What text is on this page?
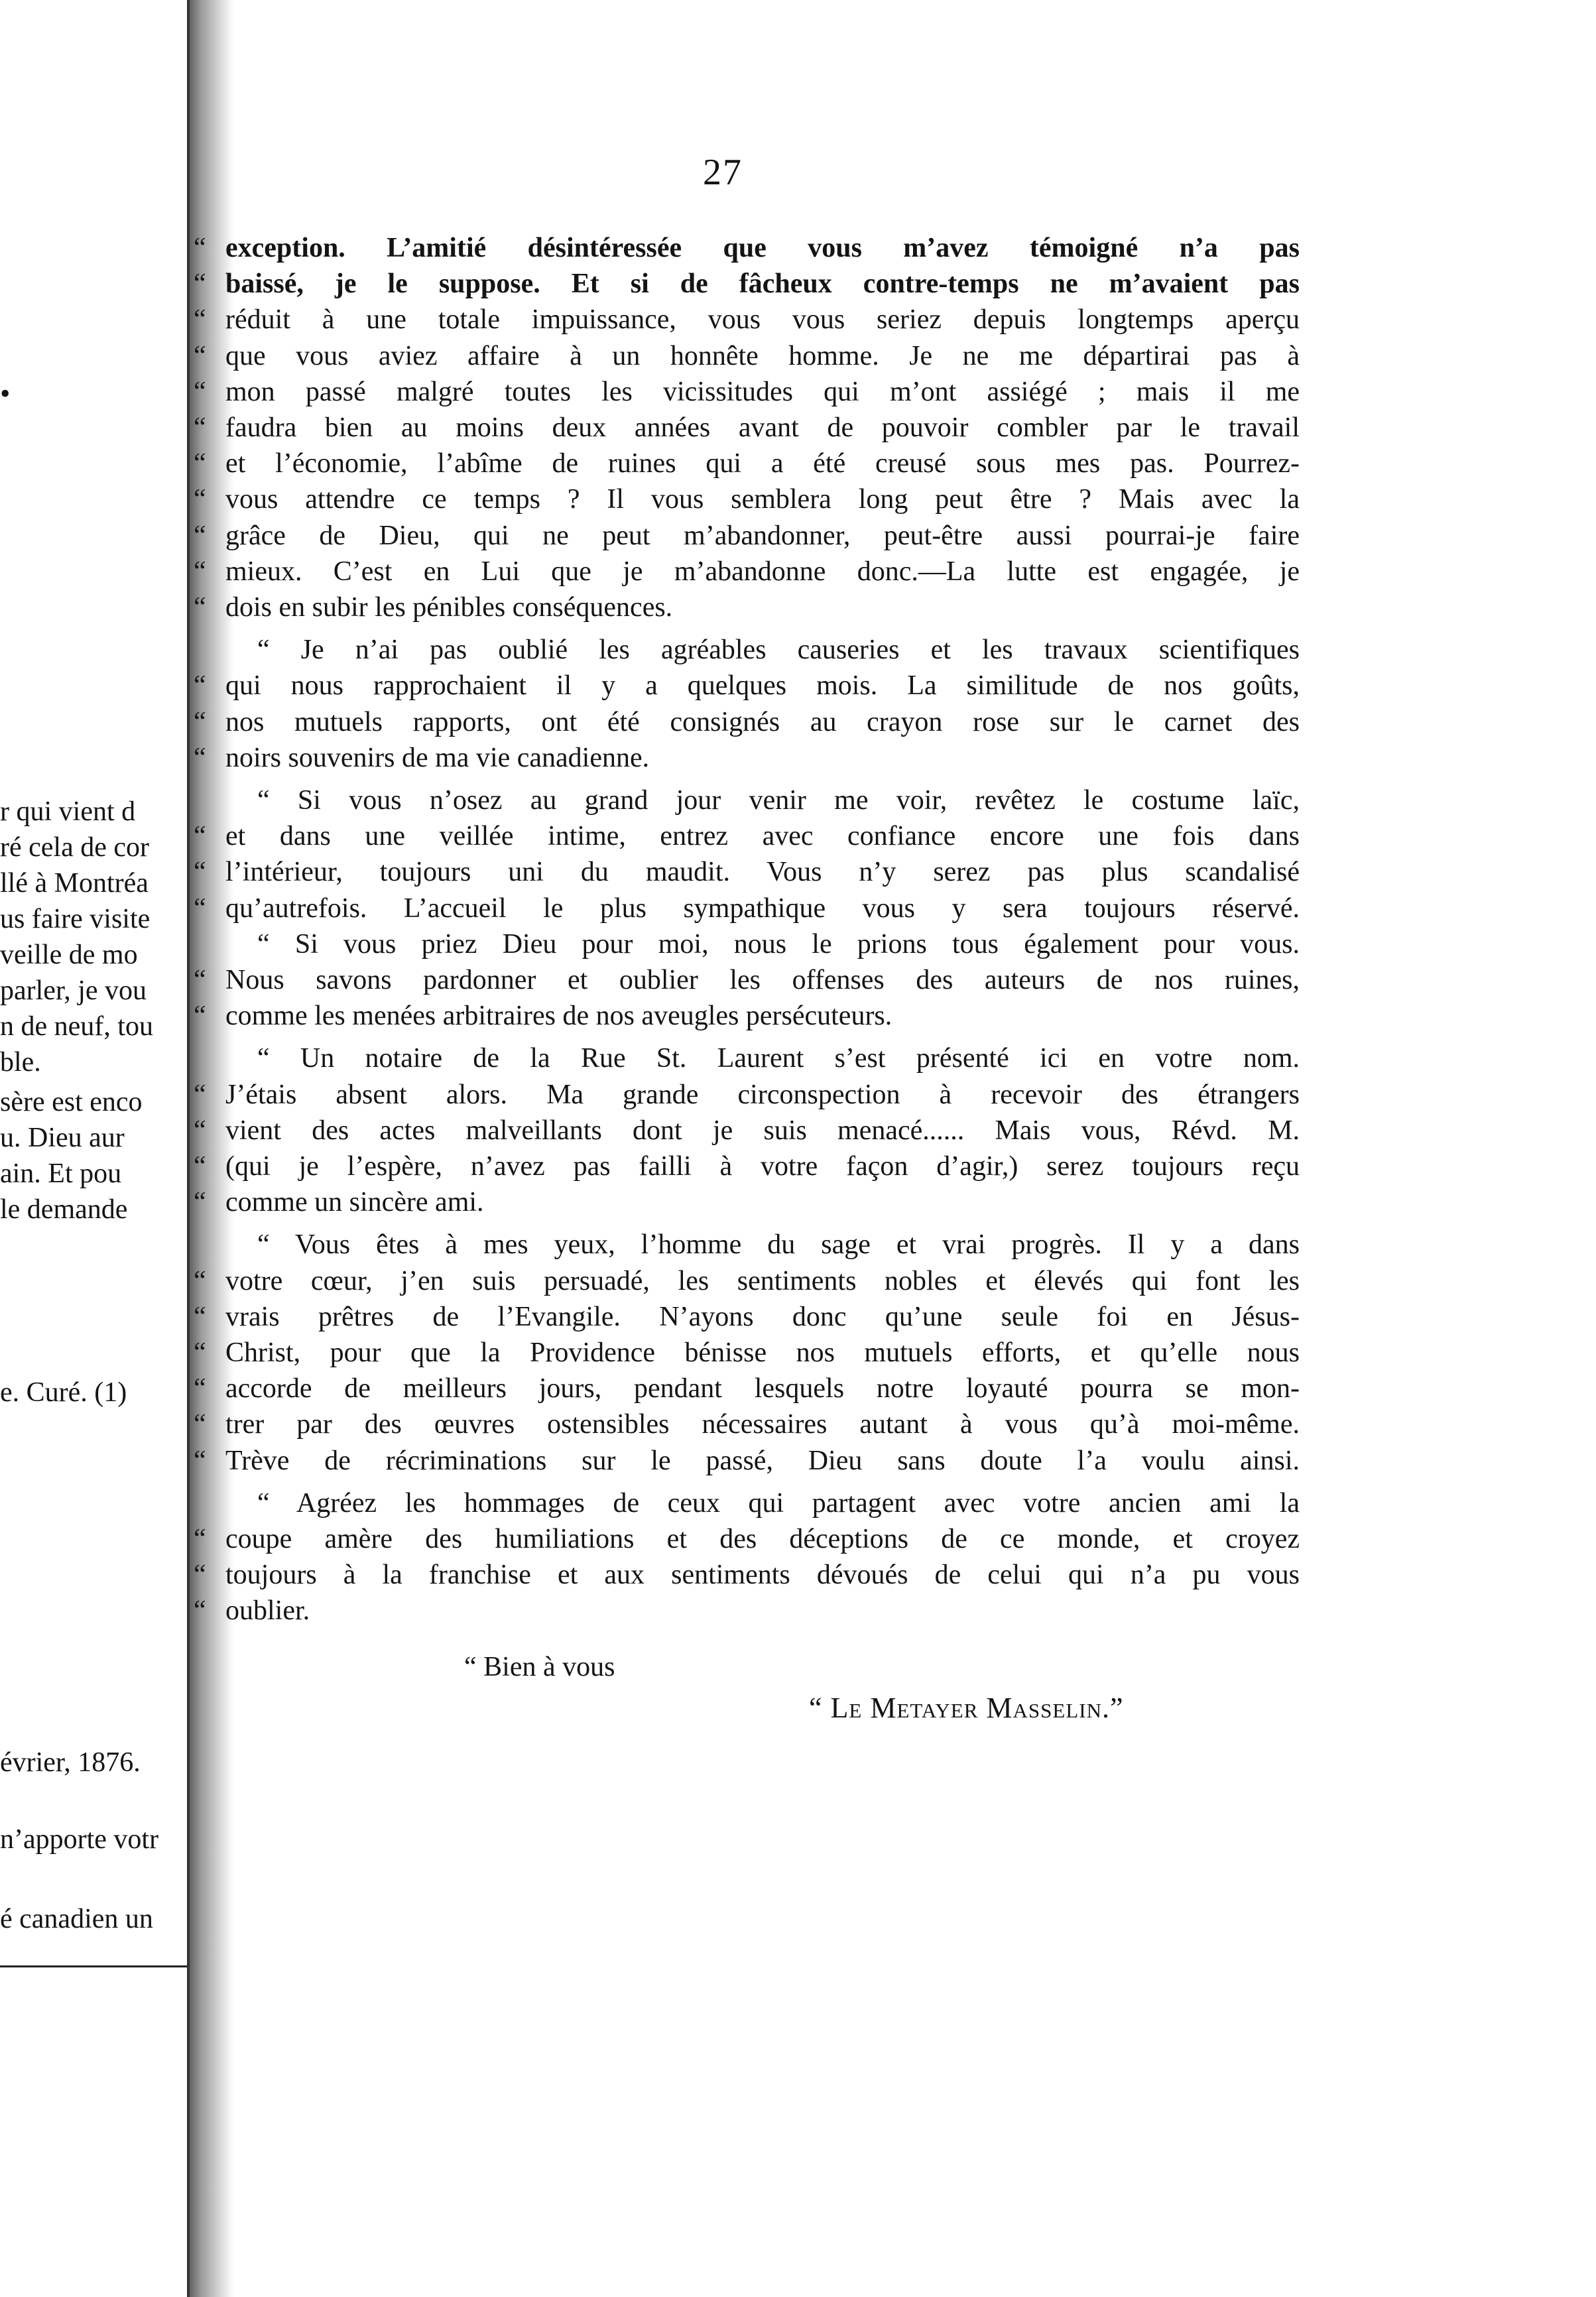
•
r qui vient d
ré cela de cor
llé à Montréa
us faire visite
veille de mo
parler, je vou
n de neuf, tou
ble.
sère est enco
u. Dieu aur
ain. Et pou
le demande
e. Curé. (1)
évrier, 1876.
n’apporte votr
é canadien un
27
“ exception. L’amitié désintéressée que vous m’avez témoigné n’a pas
“ baissé, je le suppose. Et si de fâcheux contre-temps ne m’avaient pas
“ réduit à une totale impuissance, vous vous seriez depuis longtemps aperçu
“ que vous aviez affaire à un honnête homme. Je ne me départirai pas à
“ mon passé malgré toutes les vicissitudes qui m’ont assiégé ; mais il me
“ faudra bien au moins deux années avant de pouvoir combler par le travail
“ et l’économie, l’abîme de ruines qui a été creusé sous mes pas. Pourrez-
“ vous attendre ce temps ? Il vous semblera long peut être ? Mais avec la
“ grâce de Dieu, qui ne peut m’abandonner, peut-être aussi pourrai-je faire
“ mieux. C’est en Lui que je m’abandonne donc.—La lutte est engagée, je
“ dois en subir les pénibles conséquences.
“ Je n’ai pas oublié les agréables causeries et les travaux scientifiques
“ qui nous rapprochaient il y a quelques mois. La similitude de nos goûts,
“ nos mutuels rapports, ont été consignés au crayon rose sur le carnet des
“ noirs souvenirs de ma vie canadienne.
“ Si vous n’osez au grand jour venir me voir, revêtez le costume laïc,
“ et dans une veillée intime, entrez avec confiance encore une fois dans
“ l’intérieur, toujours uni du maudit. Vous n’y serez pas plus scandalisé
“ qu’autrefois. L’accueil le plus sympathique vous y sera toujours réservé.
“ Si vous priez Dieu pour moi, nous le prions tous également pour vous.
“ Nous savons pardonner et oublier les offenses des auteurs de nos ruines,
“ comme les menées arbitraires de nos aveugles persécuteurs.
“ Un notaire de la Rue St. Laurent s’est présenté ici en votre nom.
“ J’étais absent alors. Ma grande circonspection à recevoir des étrangers
“ vient des actes malveillants dont je suis menacé...... Mais vous, Révd. M.
“ (qui je l’espère, n’avez pas failli à votre façon d’agir,) serez toujours reçu
“ comme un sincère ami.
“ Vous êtes à mes yeux, l’homme du sage et vrai progrès. Il y a dans
“ votre cœur, j’en suis persuadé, les sentiments nobles et élevés qui font les
“ vrais prêtres de l’Evangile. N’ayons donc qu’une seule foi en Jésus-
“ Christ, pour que la Providence bénisse nos mutuels efforts, et qu’elle nous
“ accorde de meilleurs jours, pendant lesquels notre loyauté pourra se mon-
“ trer par des œuvres ostensibles nécessaires autant à vous qu’à moi-même.
“ Trève de récriminations sur le passé, Dieu sans doute l’a voulu ainsi.
“ Agréez les hommages de ceux qui partagent avec votre ancien ami la
“ coupe amère des humiliations et des déceptions de ce monde, et croyez
“ toujours à la franchise et aux sentiments dévoués de celui qui n’a pu vous
“ oublier.
“ Bien à vous
“ Le Metayer Masselin.”
